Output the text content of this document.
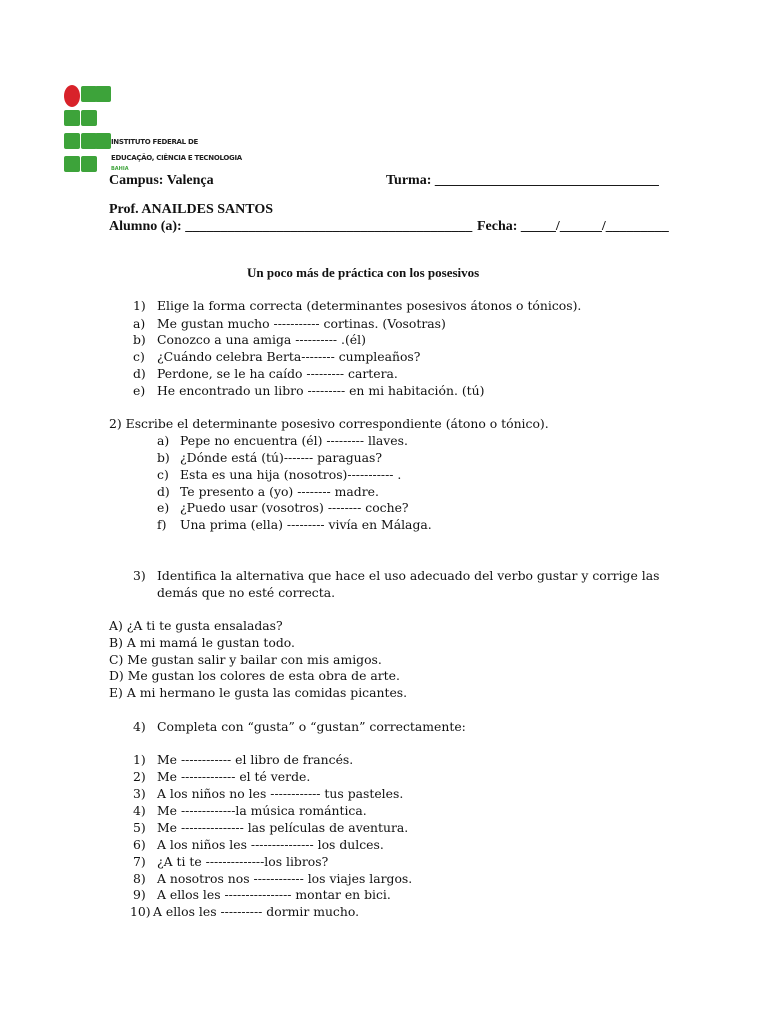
INSTITUTO FEDERAL DE
EDUCAÇÃO, CIÊNCIA E TECNOLOGIA
BAHIA
Campus: Valença	Turma: ________________________________
Prof. ANAILDES SANTOS
Alumno (a): _________________________________________ Fecha: _____/______/_________
Un poco más de práctica con los posesivos
1) Elige la forma correcta (determinantes posesivos átonos o tónicos).
a) Me gustan mucho ----------- cortinas. (Vosotras)
b) Conozco a una amiga ---------- .(él)
c) ¿Cuándo celebra Berta-------- cumpleaños?
d) Perdone, se le ha caído --------- cartera.
e) He encontrado un libro --------- en mi habitación. (tú)
2) Escribe el determinante posesivo correspondiente (átono o tónico).
a) Pepe no encuentra (él) --------- llaves.
b) ¿Dónde está (tú)------- paraguas?
c) Esta es una hija (nosotros)----------- .
d) Te presento a (yo) -------- madre.
e) ¿Puedo usar (vosotros) -------- coche?
f) Una prima (ella) --------- vivía en Málaga.
3) Identifica la alternativa que hace el uso adecuado del verbo gustar y corrige las
demás que no esté correcta.
A) ¿A ti te gusta ensaladas?
B) A mi mamá le gustan todo.
C) Me gustan salir y bailar con mis amigos.
D) Me gustan los colores de esta obra de arte.
E) A mi hermano le gusta las comidas picantes.
4) Completa con “gusta” o “gustan” correctamente:
1) Me ------------ el libro de francés.
2) Me ------------- el té verde.
3) A los niños no les ------------ tus pasteles.
4) Me -------------la música romántica.
5) Me --------------- las películas de aventura.
6) A los niños les --------------- los dulces.
7) ¿A ti te --------------los libros?
8) A nosotros nos ------------ los viajes largos.
9) A ellos les ---------------- montar en bici.
10) A ellos les ---------- dormir mucho.
